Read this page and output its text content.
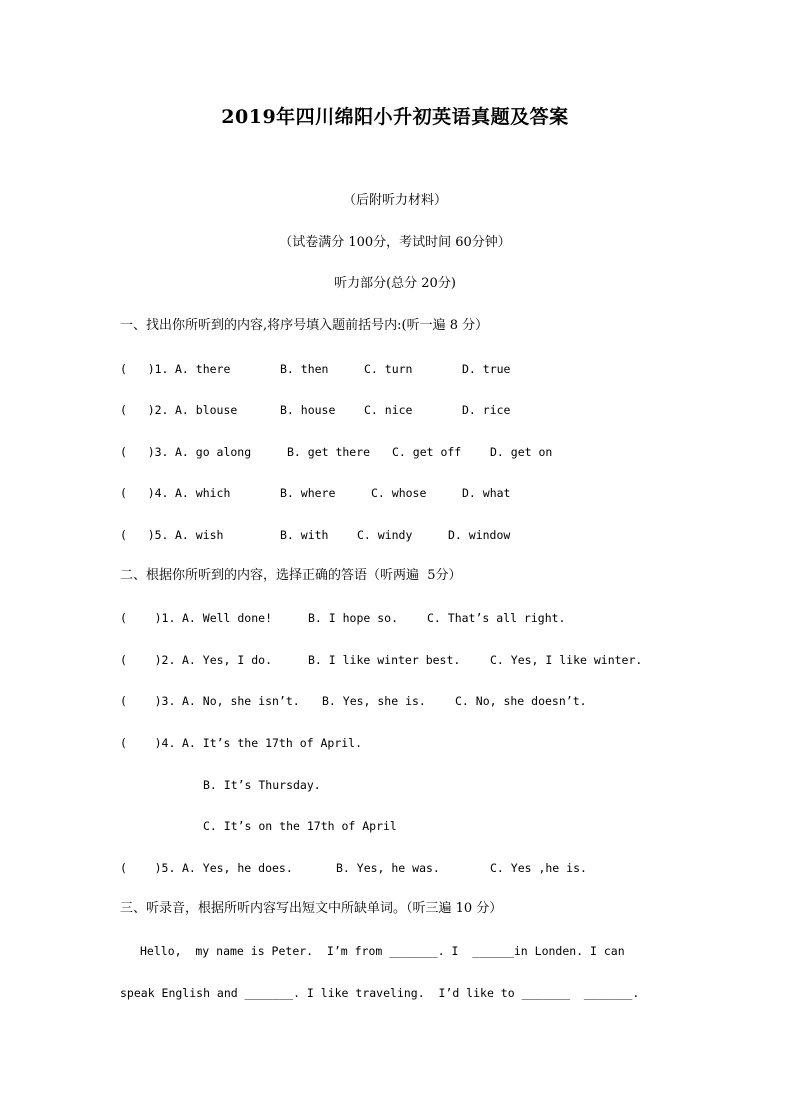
2019年四川绵阳小升初英语真题及答案
（后附听力材料）
（试卷满分 100分，考试时间 60分钟）
听力部分(总分 20分)
一、找出你所听到的内容,将序号填入题前括号内:(听一遍 8 分）
(   )1. A. there	B. then	C. turn	D. true
(   )2. A. blouse	B. house C. nice	D. rice
(   )3. A. go along	B. get there C. get off	D. get on
(   )4. A. which	B. where	C. whose	D. what
(   )5. A. wish	B. with C. windy	D. window
二、根据你所听到的内容，选择正确的答语（听两遍  5分）
(    )1. A. Well done!	B. I hope so.	C. That’s all right.
(    )2. A. Yes, I do.	B. I like winter best.	C. Yes, I like winter.
(    )3. A. No, she isn’t. B. Yes, she is.	C. No, she doesn’t.
(    )4. A. It’s the 17th of April.
B. It’s Thursday.
C. It’s on the 17th of April
(    )5. A. Yes, he does.	B. Yes, he was.	C. Yes ,he is.
三、听录音，根据所听内容写出短文中所缺单词。（听三遍 10 分）
Hello,  my name is Peter.  I’m from _______. I  ______in Londen. I can
speak English and _______. I like traveling.  I’d like to _______  _______.
